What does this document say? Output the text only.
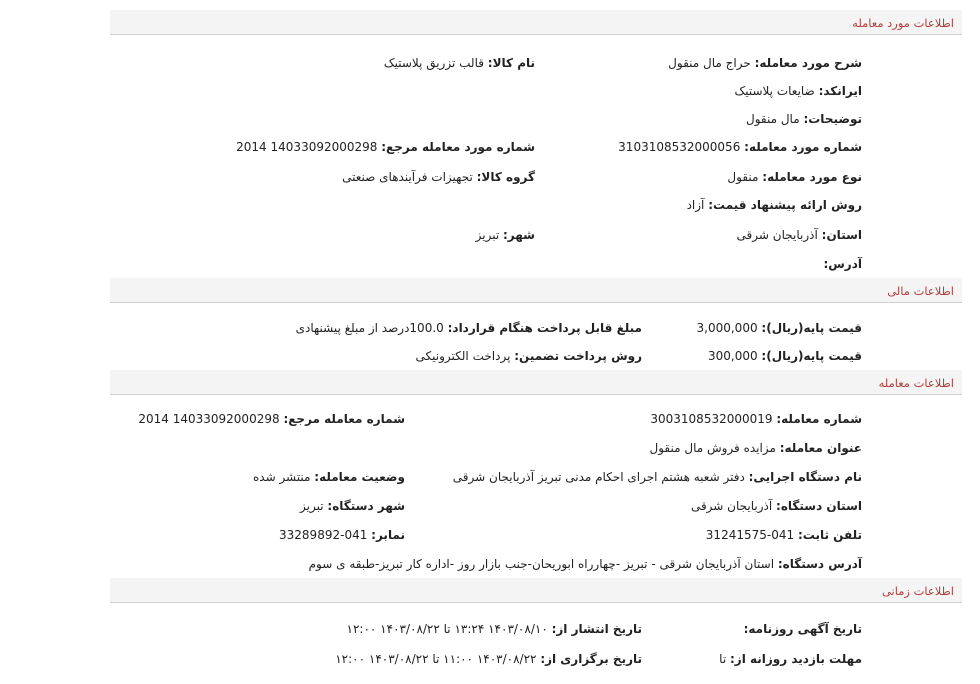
اطلاعات مورد معامله
شرح مورد معامله: حراج مال منقول
نام کالا: قالب تزریق پلاستیک
ایرانکد: ضایعات پلاستیک
توضیحات: مال منقول
شماره مورد معامله: 3103108532000056
شماره مورد معامله مرجع: 14033092000298 2014
نوع مورد معامله: منقول
گروه کالا: تجهیزات فرآیندهای صنعتی
روش ارائه پیشنهاد قیمت: آزاد
استان: آذربایجان شرقی
شهر: تبریز
آدرس:
اطلاعات مالی
قیمت پایه(ریال): 3,000,000
مبلغ قابل پرداخت هنگام قرارداد: 100.0درصد از مبلغ پیشنهادی
قیمت پایه(ریال): 300,000
روش پرداخت تضمین: پرداخت الکترونیکی
اطلاعات معامله
شماره معامله: 3003108532000019
شماره معامله مرجع: 14033092000298 2014
عنوان معامله: مزایده فروش مال منقول
نام دستگاه اجرایی: دفتر شعبه هشتم اجرای احکام مدنی تبریز آذربایجان شرقی
وضعیت معامله: منتشر شده
استان دستگاه: آذربایجان شرقی
شهر دستگاه: تبریز
تلفن ثابت: 041-31241575
نمابر: 041-33289892
آدرس دستگاه: استان آذربایجان شرقی - تبریز -چهارراه ابوریحان-جنب بازار روز -اداره کار تبریز-طبقه ی سوم
اطلاعات زمانی
تاریخ آگهی روزنامه:
تاریخ انتشار از: ۱۴۰۳/۰۸/۱۰ ۱۳:۲۴ تا ۱۴۰۳/۰۸/۲۲ ۱۲:۰۰
مهلت بازدید روزانه از: تا
تاریخ برگزاری از: ۱۴۰۳/۰۸/۲۲ ۱۱:۰۰ تا ۱۴۰۳/۰۸/۲۲ ۱۲:۰۰
